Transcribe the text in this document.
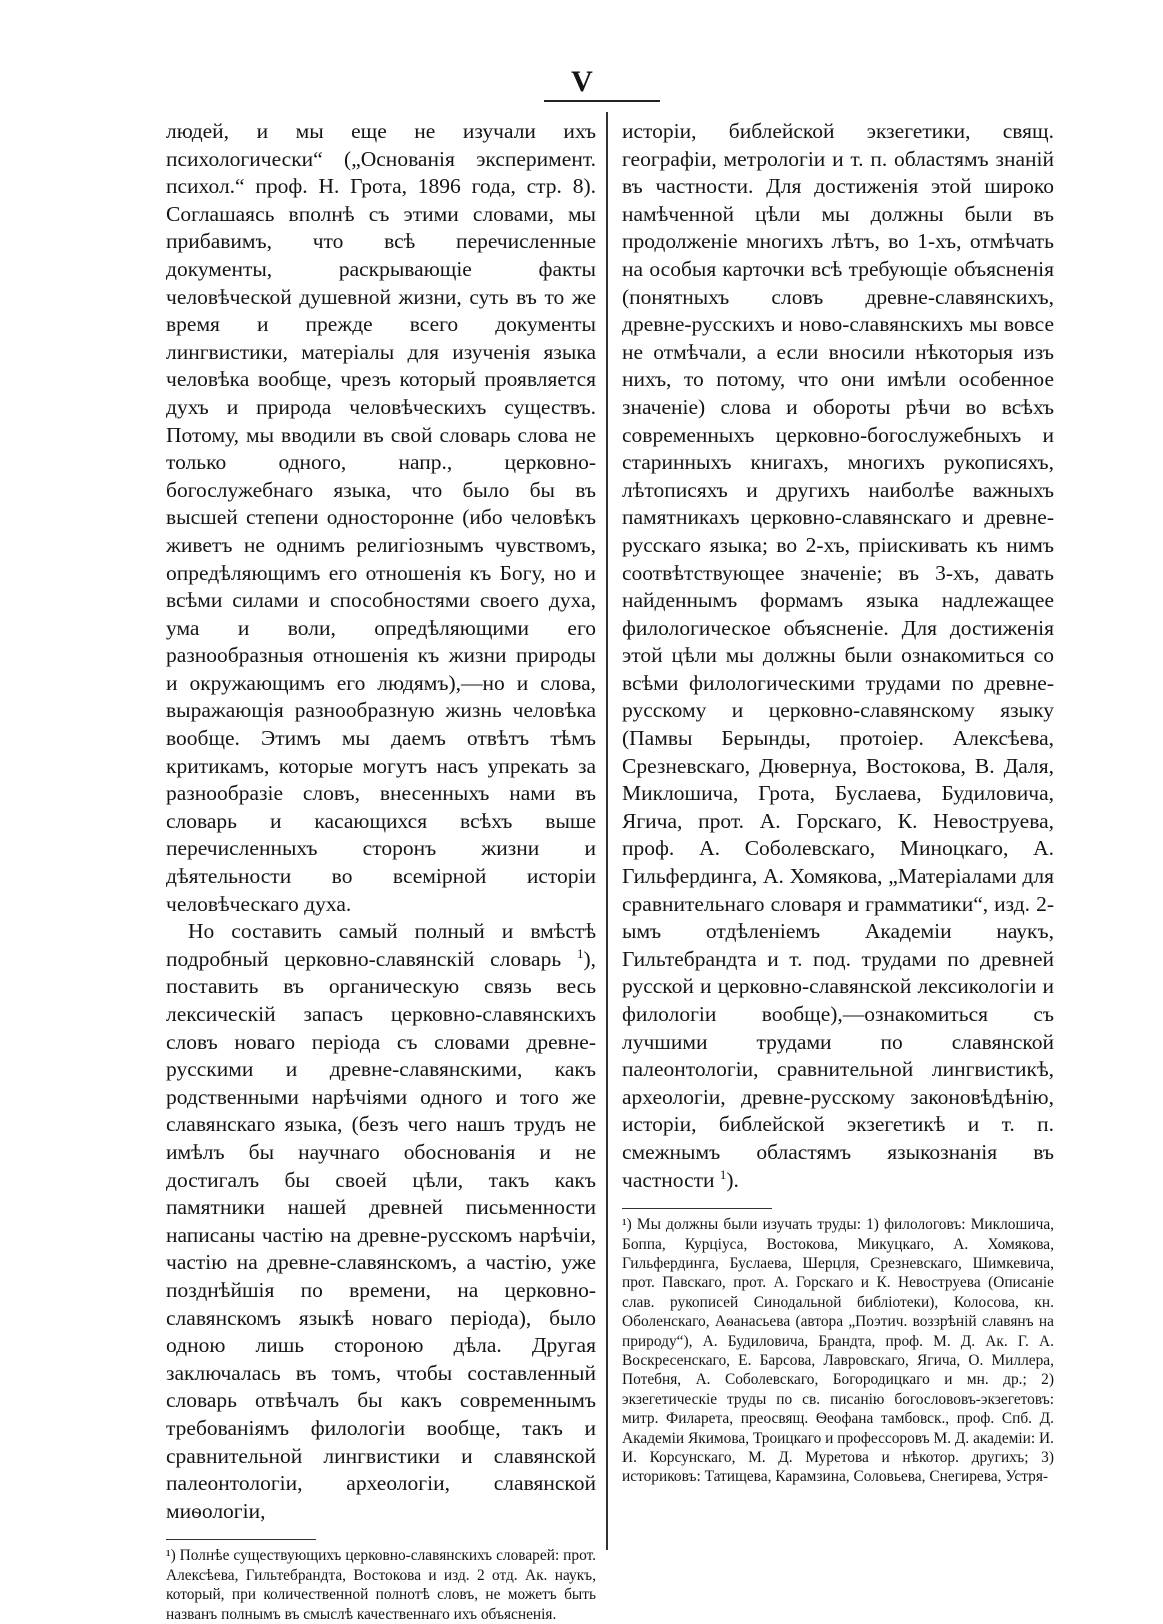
V

людей, и мы еще не изучали ихъ психологически“ („Основанія эксперимент. психол.“ проф. Н. Грота, 1896 года, стр. 8). Соглашаясь вполнѣ съ этими словами, мы прибавимъ, что всѣ перечисленные документы, раскрывающіе факты человѣческой душевной жизни, суть въ то же время и прежде всего документы лингвистики, матеріалы для изученія языка человѣка вообще, чрезъ который проявляется духъ и природа человѣческихъ существъ. Потому, мы вводили въ свой словарь слова не только одного, напр., церковно-богослужебнаго языка, что было бы въ высшей степени односторонне (ибо человѣкъ живетъ не однимъ религіознымъ чувствомъ, опредѣляющимъ его отношенія къ Богу, но и всѣми силами и способностями своего духа, ума и воли, опредѣляющими его разнообразныя отношенія къ жизни природы и окружающимъ его людямъ),—но и слова, выражающія разнообразную жизнь человѣка вообще. Этимъ мы даемъ отвѣтъ тѣмъ критикамъ, которые могутъ насъ упрекать за разнообразіе словъ, внесенныхъ нами въ словарь и касающихся всѣхъ выше перечисленныхъ сторонъ жизни и дѣятельности во всемірной исторіи человѣческаго духа.

Но составить самый полный и вмѣстѣ подробный церковно-славянскій словарь $^1$), поставить въ органическую связь весь лексическій запасъ церковно-славянскихъ словъ новаго періода съ словами древне-русскими и древне-славянскими, какъ родственными нарѣчіями одного и того же славянскаго языка, (безъ чего нашъ трудъ не имѣлъ бы научнаго обоснованія и не достигалъ бы своей цѣли, такъ какъ памятники нашей древней письменности написаны частію на древне-русскомъ нарѣчіи, частію на древне-славянскомъ, а частію, уже позднѣйшія по времени, на церковно-славянскомъ языкѣ новаго періода), было одною лишь стороною дѣла. Другая заключалась въ томъ, чтобы составленный словарь отвѣчалъ бы какъ современнымъ требованіямъ филологіи вообще, такъ и сравнительной лингвистики и славянской палеонтологіи, археологіи, славянской миѳологіи,

¹) Полнѣе существующихъ церковно-славянскихъ словарей: прот. Алексѣева, Гильтебрандта, Востокова и изд. 2 отд. Ак. наукъ, который, при количественной полнотѣ словъ, не можетъ быть названъ полнымъ въ смыслѣ качественнаго ихъ объясненія.

исторіи, библейской экзегетики, свящ. географіи, метрологіи и т. п. областямъ знаній въ частности. Для достиженія этой широко намѣченной цѣли мы должны были въ продолженіе многихъ лѣтъ, во 1-хъ, отмѣчать на особыя карточки всѣ требующіе объясненія (понятныхъ словъ древне-славянскихъ, древне-русскихъ и ново-славянскихъ мы вовсе не отмѣчали, а если вносили нѣкоторыя изъ нихъ, то потому, что они имѣли особенное значеніе) слова и обороты рѣчи во всѣхъ современныхъ церковно-богослужебныхъ и старинныхъ книгахъ, многихъ рукописяхъ, лѣтописяхъ и другихъ наиболѣе важныхъ памятникахъ церковно-славянскаго и древне-русскаго языка; во 2-хъ, пріискивать къ нимъ соотвѣтствующее значеніе; въ 3-хъ, давать найденнымъ формамъ языка надлежащее филологическое объясненіе. Для достиженія этой цѣли мы должны были ознакомиться со всѣми филологическими трудами по древне-русскому и церковно-славянскому языку (Памвы Берынды, протоіер. Алексѣева, Срезневскаго, Дювернуа, Востокова, В. Даля, Миклошича, Грота, Буслаева, Будиловича, Ягича, прот. А. Горскаго, К. Невоструева, проф. А. Соболевскаго, Миноцкаго, А. Гильфердинга, А. Хомякова, „Матеріалами для сравнительнаго словаря и грамматики“, изд. 2-ымъ отдѣленіемъ Академіи наукъ, Гильтебрандта и т. под. трудами по древней русской и церковно-славянской лексикологіи и филологіи вообще),—ознакомиться съ лучшими трудами по славянской палеонтологіи, сравнительной лингвистикѣ, археологіи, древне-русскому законовѣдѣнію, исторіи, библейской экзегетикѣ и т. п. смежнымъ областямъ языкознанія въ частности $^1$).

¹) Мы должны были изучать труды: 1) филологовъ: Миклошича, Боппа, Курціуса, Востокова, Микуцкаго, А. Хомякова, Гильфердинга, Буслаева, Шерцля, Срезневскаго, Шимкевича, прот. Павскаго, прот. А. Горскаго и К. Невоструева (Описаніе слав. рукописей Синодальной библіотеки), Колосова, кн. Оболенскаго, Аѳанасьева (автора „Поэтич. воззрѣній славянъ на природу“), А. Будиловича, Брандта, проф. М. Д. Ак. Г. А. Воскресенскаго, Е. Барсова, Лавровскаго, Ягича, О. Миллера, Потебня, А. Соболевскаго, Богородицкаго и мн. др.; 2) экзегетическіе труды по св. писанію богослововъ-экзегетовъ: митр. Филарета, преосвящ. Ѳеофана тамбовск., проф. Спб. Д. Академіи Якимова, Троицкаго и профессоровъ М. Д. академіи: И. И. Корсунскаго, М. Д. Муретова и нѣкотор. другихъ; 3) историковъ: Татищева, Карамзина, Соловьева, Снегирева, Устря-
